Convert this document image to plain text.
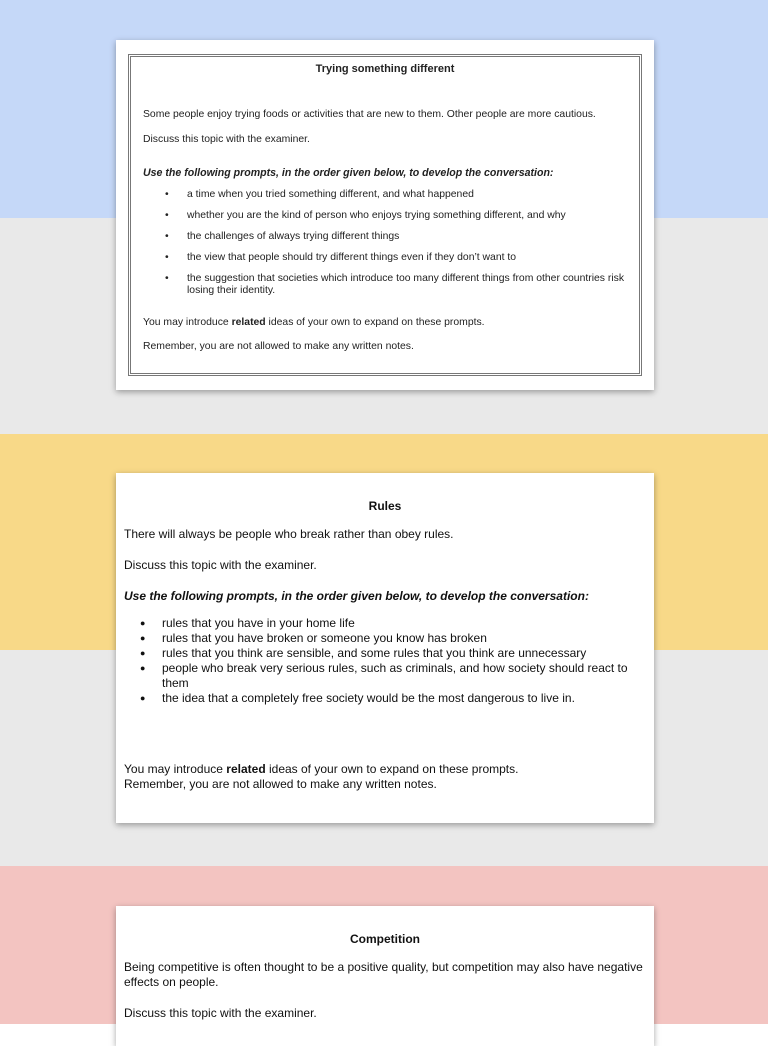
Trying something different

Some people enjoy trying foods or activities that are new to them. Other people are more cautious.

Discuss this topic with the examiner.

Use the following prompts, in the order given below, to develop the conversation:

• a time when you tried something different, and what happened
• whether you are the kind of person who enjoys trying something different, and why
• the challenges of always trying different things
• the view that people should try different things even if they don’t want to
• the suggestion that societies which introduce too many different things from other countries risk losing their identity.

You may introduce related ideas of your own to expand on these prompts.

Remember, you are not allowed to make any written notes.

Rules

There will always be people who break rather than obey rules.

Discuss this topic with the examiner.

Use the following prompts, in the order given below, to develop the conversation:

● rules that you have in your home life
● rules that you have broken or someone you know has broken
● rules that you think are sensible, and some rules that you think are unnecessary
● people who break very serious rules, such as criminals, and how society should react to them
● the idea that a completely free society would be the most dangerous to live in.

You may introduce related ideas of your own to expand on these prompts.

Remember, you are not allowed to make any written notes.

Competition

Being competitive is often thought to be a positive quality, but competition may also have negative effects on people.

Discuss this topic with the examiner.
